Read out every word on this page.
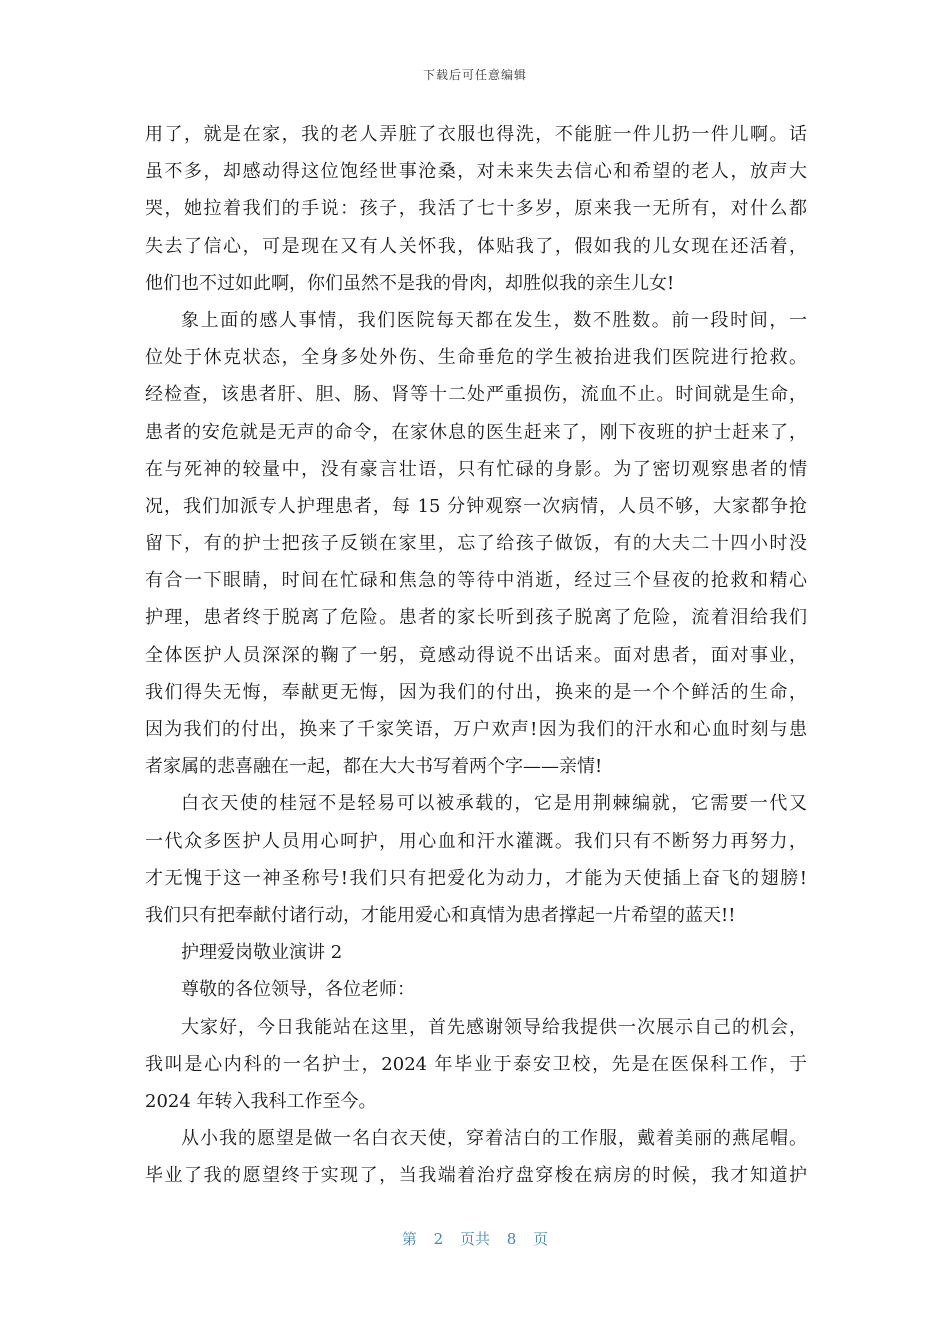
下载后可任意编辑
用了，就是在家，我的老人弄脏了衣服也得洗，不能脏一件儿扔一件儿啊。话
虽不多，却感动得这位饱经世事沧桑，对未来失去信心和希望的老人，放声大
哭，她拉着我们的手说：孩子，我活了七十多岁，原来我一无所有，对什么都
失去了信心，可是现在又有人关怀我，体贴我了，假如我的儿女现在还活着，
他们也不过如此啊，你们虽然不是我的骨肉，却胜似我的亲生儿女!
象上面的感人事情，我们医院每天都在发生，数不胜数。前一段时间，一
位处于休克状态，全身多处外伤、生命垂危的学生被抬进我们医院进行抢救。
经检查，该患者肝、胆、肠、肾等十二处严重损伤，流血不止。时间就是生命，
患者的安危就是无声的命令，在家休息的医生赶来了，刚下夜班的护士赶来了，
在与死神的较量中，没有豪言壮语，只有忙碌的身影。为了密切观察患者的情
况，我们加派专人护理患者，每 15 分钟观察一次病情，人员不够，大家都争抢
留下，有的护士把孩子反锁在家里，忘了给孩子做饭，有的大夫二十四小时没
有合一下眼睛，时间在忙碌和焦急的等待中消逝，经过三个昼夜的抢救和精心
护理，患者终于脱离了危险。患者的家长听到孩子脱离了危险，流着泪给我们
全体医护人员深深的鞠了一躬，竟感动得说不出话来。面对患者，面对事业，
我们得失无悔，奉献更无悔，因为我们的付出，换来的是一个个鲜活的生命，
因为我们的付出，换来了千家笑语，万户欢声!因为我们的汗水和心血时刻与患
者家属的悲喜融在一起，都在大大书写着两个字——亲情!
白衣天使的桂冠不是轻易可以被承载的，它是用荆棘编就，它需要一代又
一代众多医护人员用心呵护，用心血和汗水灌溉。我们只有不断努力再努力，
才无愧于这一神圣称号!我们只有把爱化为动力，才能为天使插上奋飞的翅膀!
我们只有把奉献付诸行动，才能用爱心和真情为患者撑起一片希望的蓝天!!
护理爱岗敬业演讲 2
尊敬的各位领导，各位老师：
大家好，今日我能站在这里，首先感谢领导给我提供一次展示自己的机会，
我叫是心内科的一名护士，2024 年毕业于泰安卫校，先是在医保科工作，于
2024 年转入我科工作至今。
从小我的愿望是做一名白衣天使，穿着洁白的工作服，戴着美丽的燕尾帽。
毕业了我的愿望终于实现了，当我端着治疗盘穿梭在病房的时候，我才知道护
第 2 页共 8 页
